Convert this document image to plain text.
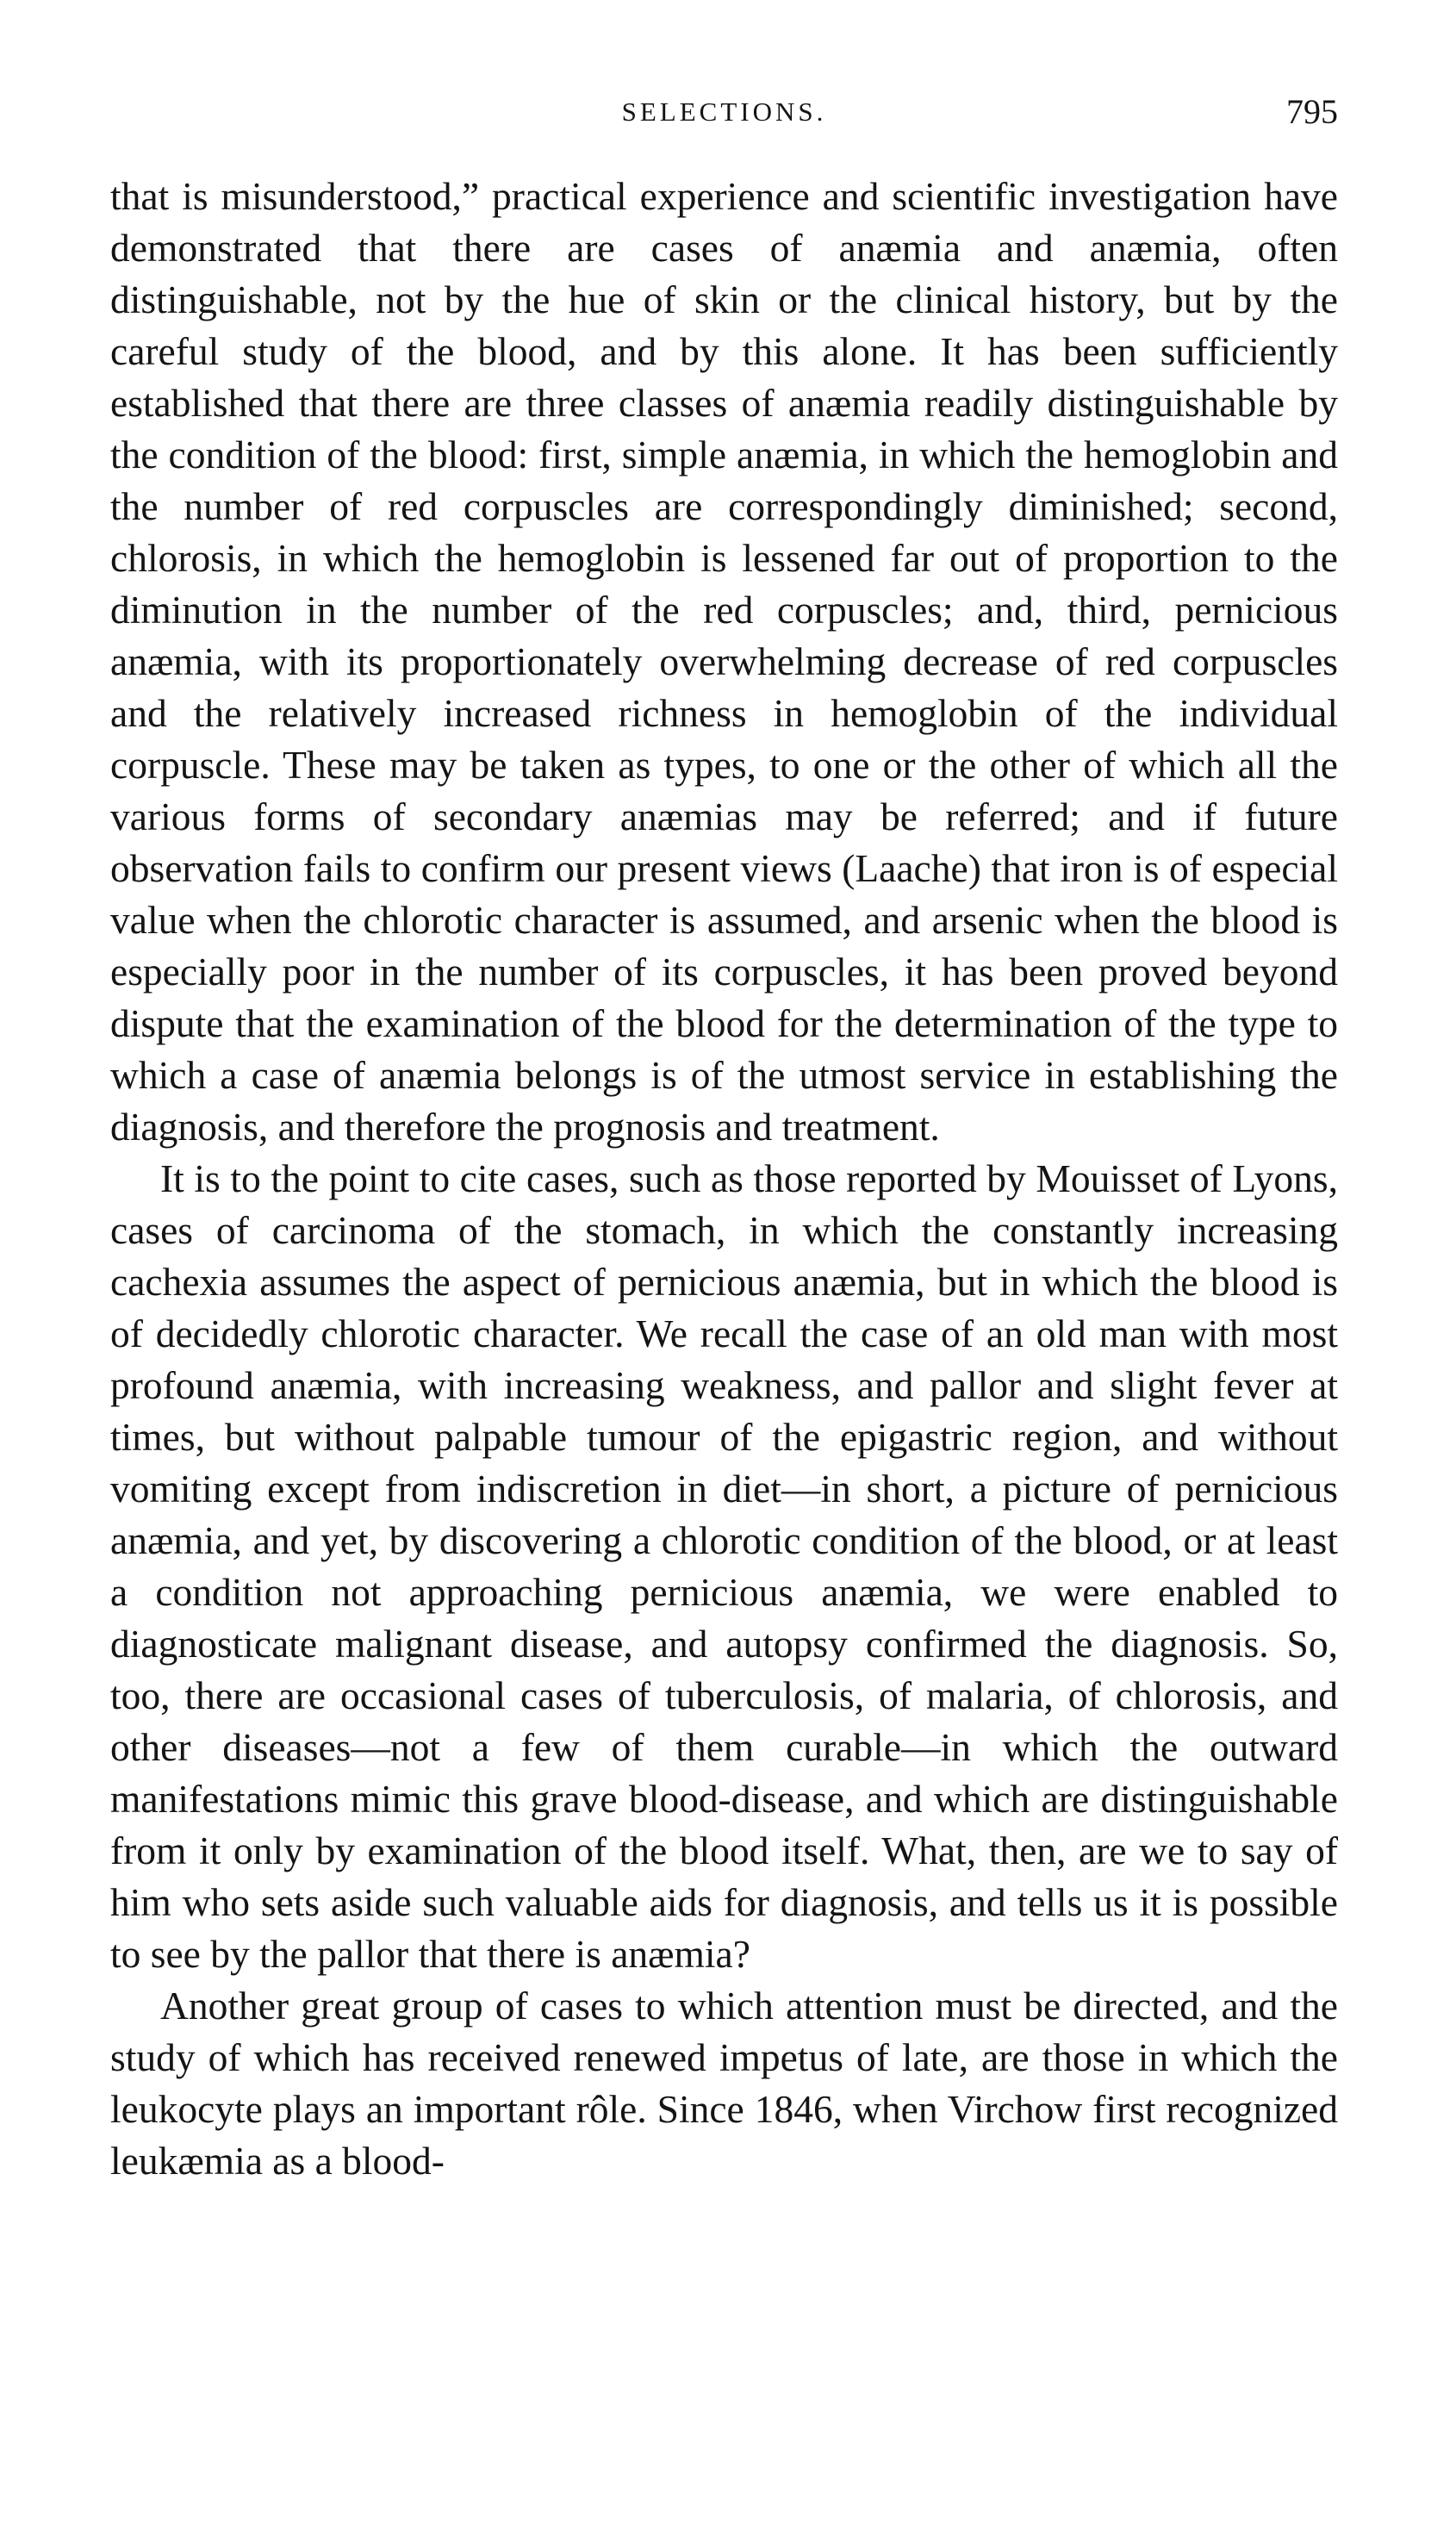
SELECTIONS.	795

that is misunderstood,” practical experience and scientific investigation have demonstrated that there are cases of anæmia and anæmia, often distinguishable, not by the hue of skin or the clinical history, but by the careful study of the blood, and by this alone. It has been sufficiently established that there are three classes of anæmia readily distinguishable by the condition of the blood: first, simple anæmia, in which the hemoglobin and the number of red corpuscles are correspondingly diminished; second, chlorosis, in which the hemoglobin is lessened far out of proportion to the diminution in the number of the red corpuscles; and, third, pernicious anæmia, with its proportionately overwhelming decrease of red corpuscles and the relatively increased richness in hemoglobin of the individual corpuscle. These may be taken as types, to one or the other of which all the various forms of secondary anæmias may be referred; and if future observation fails to confirm our present views (Laache) that iron is of especial value when the chlorotic character is assumed, and arsenic when the blood is especially poor in the number of its corpuscles, it has been proved beyond dispute that the examination of the blood for the determination of the type to which a case of anæmia belongs is of the utmost service in establishing the diagnosis, and therefore the prognosis and treatment.

It is to the point to cite cases, such as those reported by Mouisset of Lyons, cases of carcinoma of the stomach, in which the constantly increasing cachexia assumes the aspect of pernicious anæmia, but in which the blood is of decidedly chlorotic character. We recall the case of an old man with most profound anæmia, with increasing weakness, and pallor and slight fever at times, but without palpable tumour of the epigastric region, and without vomiting except from indiscretion in diet—in short, a picture of pernicious anæmia, and yet, by discovering a chlorotic condition of the blood, or at least a condition not approaching pernicious anæmia, we were enabled to diagnosticate malignant disease, and autopsy confirmed the diagnosis. So, too, there are occasional cases of tuberculosis, of malaria, of chlorosis, and other diseases—not a few of them curable—in which the outward manifestations mimic this grave blood-disease, and which are distinguishable from it only by examination of the blood itself. What, then, are we to say of him who sets aside such valuable aids for diagnosis, and tells us it is possible to see by the pallor that there is anæmia?

Another great group of cases to which attention must be directed, and the study of which has received renewed impetus of late, are those in which the leukocyte plays an important rôle. Since 1846, when Virchow first recognized leukæmia as a blood-
